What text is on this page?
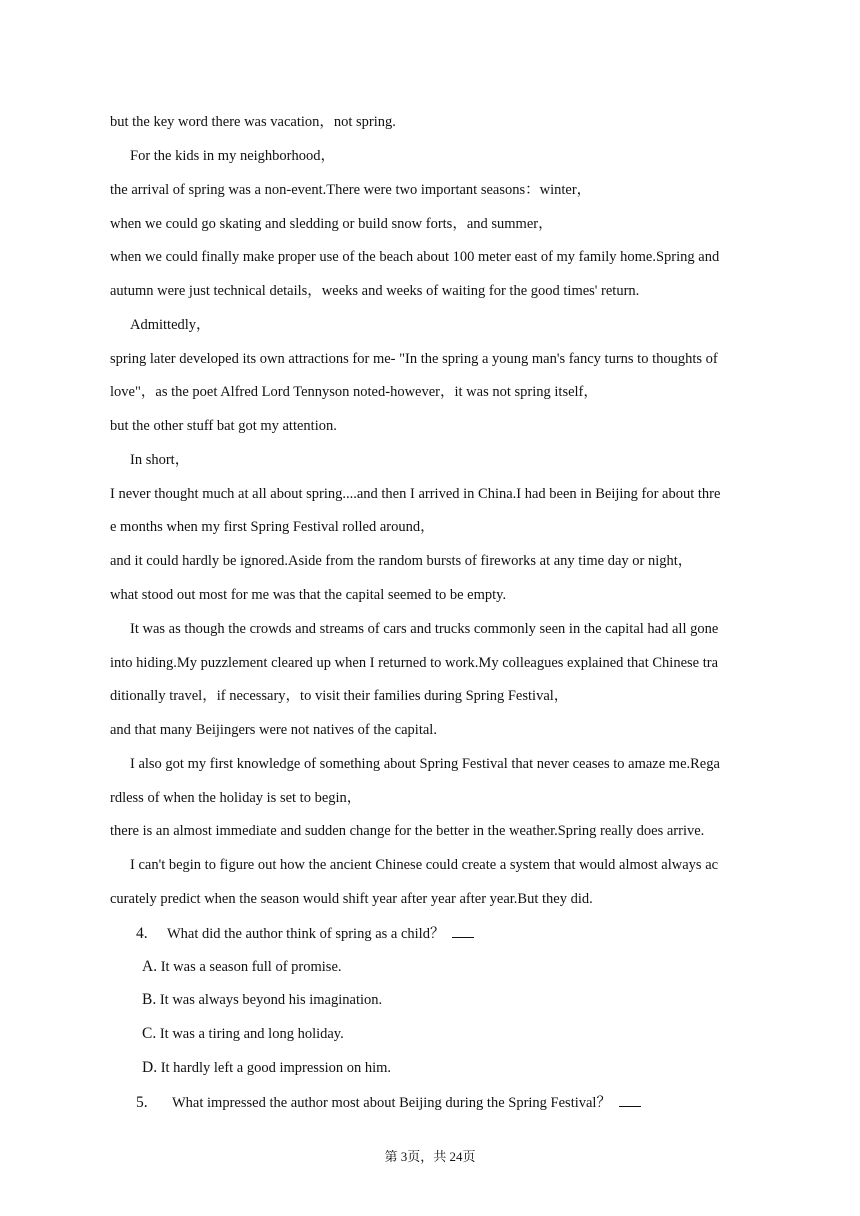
but the key word there was vacation，not spring.
For the kids in my neighborhood，
the arrival of spring was a non-event.There were two important seasons：winter，
when we could go skating and sledding or build snow forts，and summer，
when we could finally make proper use of the beach about 100 meter east of my family home.Spring and
autumn were just technical details，weeks and weeks of waiting for the good times' return.
Admittedly，
spring later developed its own attractions for me- "In the spring a young man's fancy turns to thoughts of
love"，as the poet Alfred Lord Tennyson noted-however，it was not spring itself，
but the other stuff bat got my attention.
In short，
I never thought much at all about spring....and then I arrived in China.I had been in Beijing for about thre
e months when my first Spring Festival rolled around，
and it could hardly be ignored.Aside from the random bursts of fireworks at any time day or night，
what stood out most for me was that the capital seemed to be empty.
It was as though the crowds and streams of cars and trucks commonly seen in the capital had all gone
into hiding.My puzzlement cleared up when I returned to work.My colleagues explained that Chinese tra
ditionally travel，if necessary，to visit their families during Spring Festival，
and that many Beijingers were not natives of the capital.
I also got my first knowledge of something about Spring Festival that never ceases to amaze me.Rega
rdless of when the holiday is set to begin，
there is an almost immediate and sudden change for the better in the weather.Spring really does arrive.
I can't begin to figure out how the ancient Chinese could create a system that would almost always ac
curately predict when the season would shift year after year after year.But they did.
4. What did the author think of spring as a child？
A. It was a season full of promise.
B. It was always beyond his imagination.
C. It was a tiring and long holiday.
D. It hardly left a good impression on him.
5. What impressed the author most about Beijing during the Spring Festival？
第 3页，共 24页
